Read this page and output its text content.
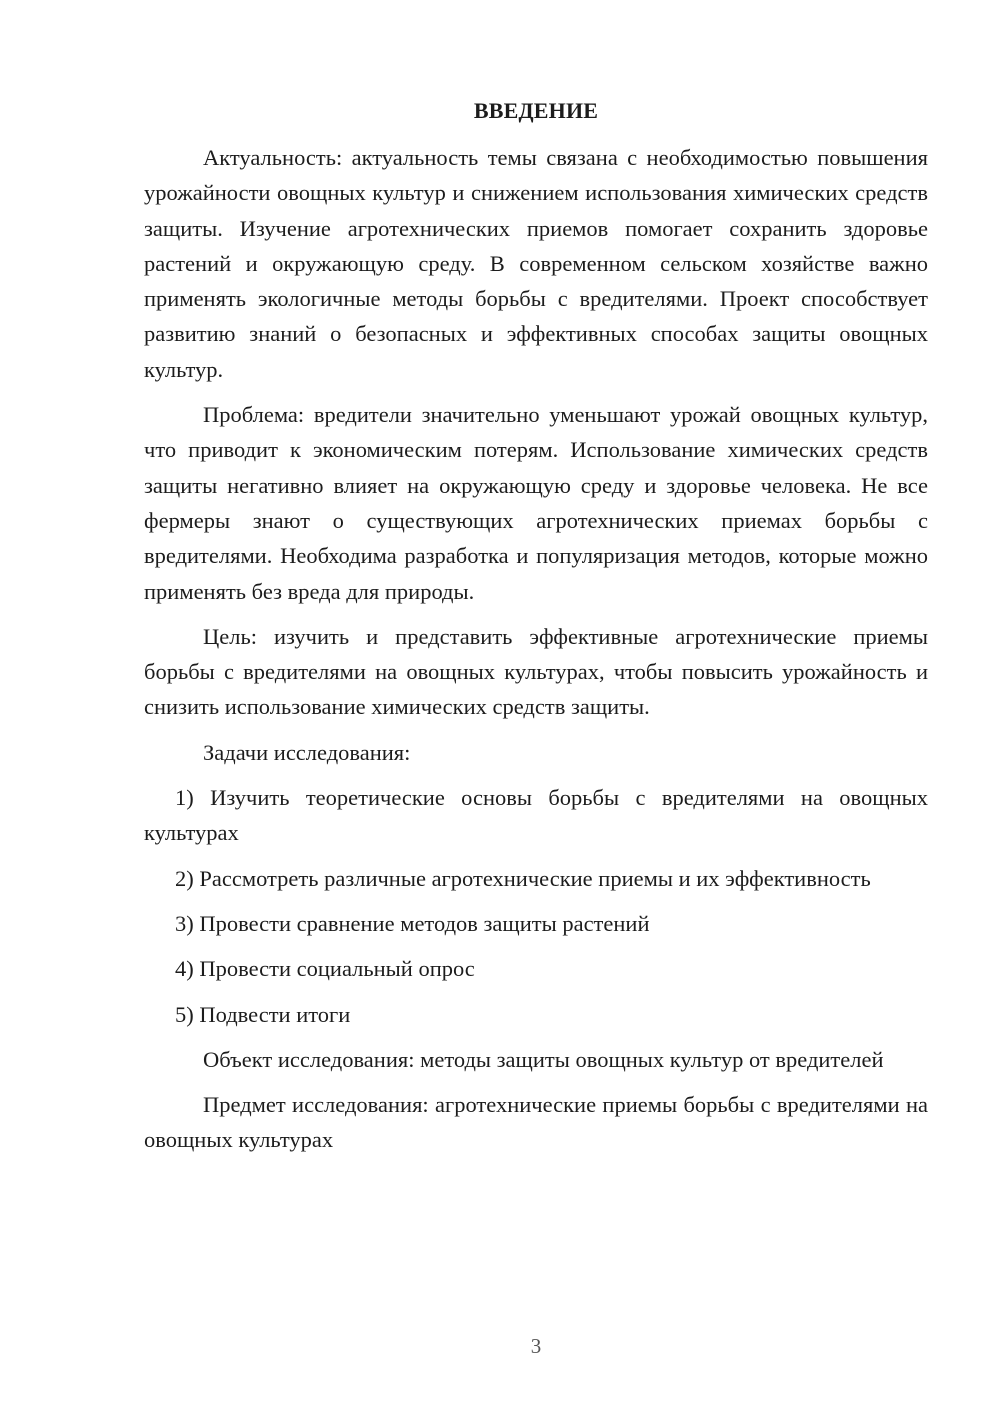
ВВЕДЕНИЕ

Актуальность: актуальность темы связана с необходимостью повышения урожайности овощных культур и снижением использования химических средств защиты. Изучение агротехнических приемов помогает сохранить здоровье растений и окружающую среду. В современном сельском хозяйстве важно применять экологичные методы борьбы с вредителями. Проект способствует развитию знаний о безопасных и эффективных способах защиты овощных культур.

Проблема: вредители значительно уменьшают урожай овощных культур, что приводит к экономическим потерям. Использование химических средств защиты негативно влияет на окружающую среду и здоровье человека. Не все фермеры знают о существующих агротехнических приемах борьбы с вредителями. Необходима разработка и популяризация методов, которые можно применять без вреда для природы.

Цель: изучить и представить эффективные агротехнические приемы борьбы с вредителями на овощных культурах, чтобы повысить урожайность и снизить использование химических средств защиты.

Задачи исследования:

1) Изучить теоретические основы борьбы с вредителями на овощных культурах

2) Рассмотреть различные агротехнические приемы и их эффективность

3) Провести сравнение методов защиты растений

4) Провести социальный опрос

5) Подвести итоги

Объект исследования: методы защиты овощных культур от вредителей

Предмет исследования: агротехнические приемы борьбы с вредителями на овощных культурах

3
